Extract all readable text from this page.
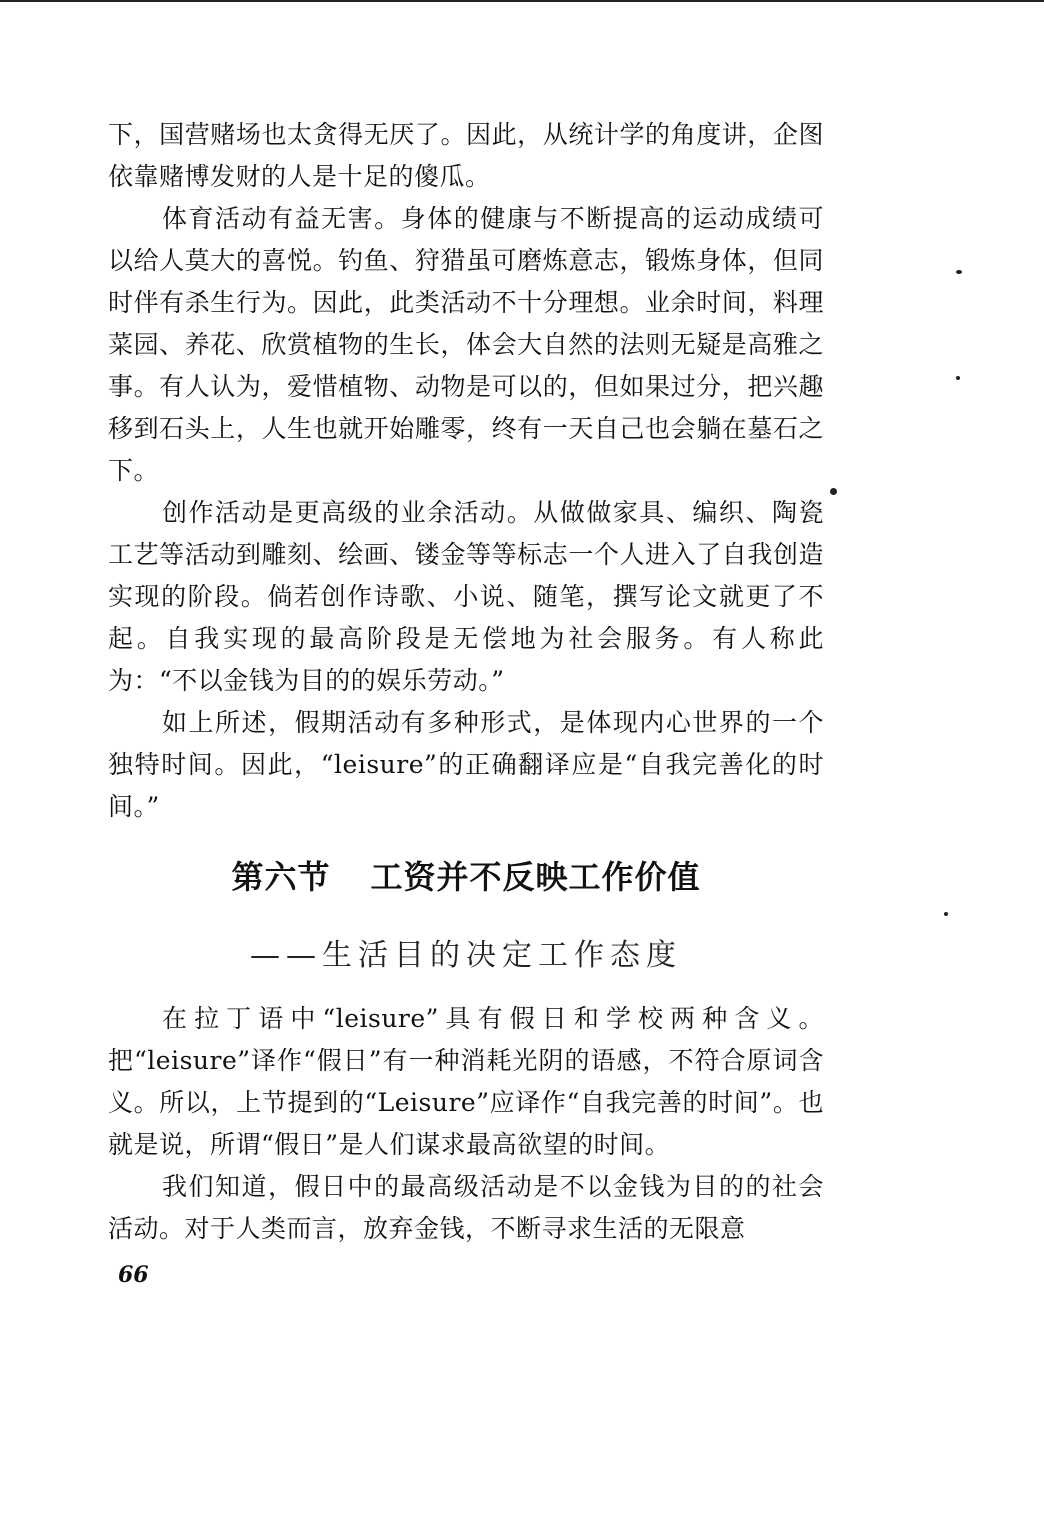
下，国营赌场也太贪得无厌了。因此，从统计学的角度讲，企图依靠赌博发财的人是十足的傻瓜。

体育活动有益无害。身体的健康与不断提高的运动成绩可以给人莫大的喜悦。钓鱼、狩猎虽可磨炼意志，锻炼身体，但同时伴有杀生行为。因此，此类活动不十分理想。业余时间，料理菜园、养花、欣赏植物的生长，体会大自然的法则无疑是高雅之事。有人认为，爱惜植物、动物是可以的，但如果过分，把兴趣移到石头上，人生也就开始雕零，终有一天自己也会躺在墓石之下。

创作活动是更高级的业余活动。从做做家具、编织、陶瓷工艺等活动到雕刻、绘画、镂金等等标志一个人进入了自我创造实现的阶段。倘若创作诗歌、小说、随笔，撰写论文就更了不起。自我实现的最高阶段是无偿地为社会服务。有人称此为：“不以金钱为目的的娱乐劳动。”

如上所述，假期活动有多种形式，是体现内心世界的一个独特时间。因此，“leisure”的正确翻译应是“自我完善化的时间。”

第六节 工资并不反映工作价值
——生活目的决定工作态度

在拉丁语中“leisure”具有假日和学校两种含义。把“leisure”译作“假日”有一种消耗光阴的语感，不符合原词含义。所以，上节提到的“Leisure”应译作“自我完善的时间”。也就是说，所谓“假日”是人们谋求最高欲望的时间。

我们知道，假日中的最高级活动是不以金钱为目的的社会活动。对于人类而言，放弃金钱，不断寻求生活的无限意

66
